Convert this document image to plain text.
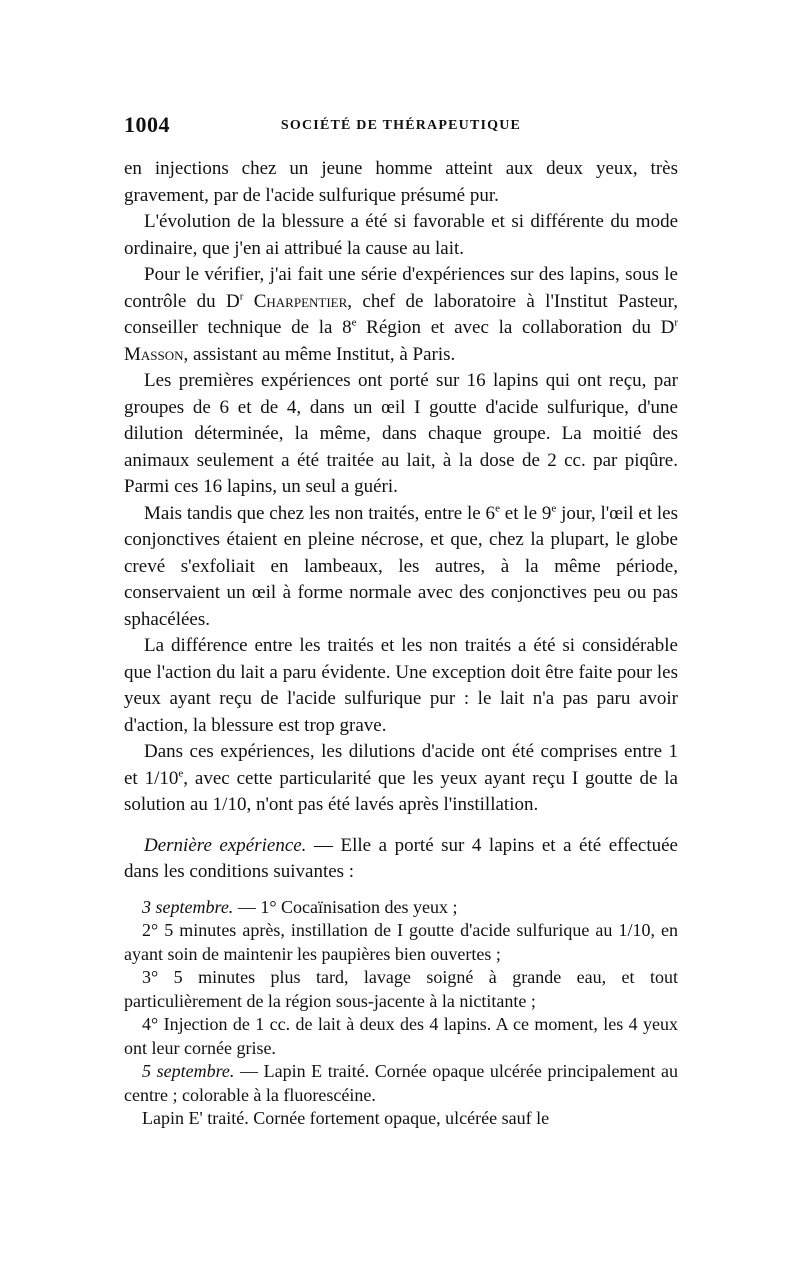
1004	SOCIÉTÉ DE THÉRAPEUTIQUE

en injections chez un jeune homme atteint aux deux yeux, très gravement, par de l'acide sulfurique présumé pur.

L'évolution de la blessure a été si favorable et si différente du mode ordinaire, que j'en ai attribué la cause au lait.

Pour le vérifier, j'ai fait une série d'expériences sur des lapins, sous le contrôle du $D^r$ Charpentier, chef de laboratoire à l'Institut Pasteur, conseiller technique de la 8e Région et avec la collaboration du $D^r$ Masson, assistant au même Institut, à Paris.

Les premières expériences ont porté sur 16 lapins qui ont reçu, par groupes de 6 et de 4, dans un œil I goutte d'acide sulfurique, d'une dilution déterminée, la même, dans chaque groupe. La moitié des animaux seulement a été traitée au lait, à la dose de 2 cc. par piqûre. Parmi ces 16 lapins, un seul a guéri.

Mais tandis que chez les non traités, entre le 6e et le 9e jour, l'œil et les conjonctives étaient en pleine nécrose, et que, chez la plupart, le globe crevé s'exfoliait en lambeaux, les autres, à la même période, conservaient un œil à forme normale avec des conjonctives peu ou pas sphacélées.

La différence entre les traités et les non traités a été si considérable que l'action du lait a paru évidente. Une exception doit être faite pour les yeux ayant reçu de l'acide sulfurique pur : le lait n'a pas paru avoir d'action, la blessure est trop grave.

Dans ces expériences, les dilutions d'acide ont été comprises entre 1 et 1/10e, avec cette particularité que les yeux ayant reçu I goutte de la solution au 1/10, n'ont pas été lavés après l'instillation.

Dernière expérience. — Elle a porté sur 4 lapins et a été effectuée dans les conditions suivantes :

3 septembre. — 1° Cocaïnisation des yeux ;

2° 5 minutes après, instillation de I goutte d'acide sulfurique au 1/10, en ayant soin de maintenir les paupières bien ouvertes ;

3° 5 minutes plus tard, lavage soigné à grande eau, et tout particulièrement de la région sous-jacente à la nictitante ;

4° Injection de 1 cc. de lait à deux des 4 lapins. A ce moment, les 4 yeux ont leur cornée grise.

5 septembre. — Lapin E traité. Cornée opaque ulcérée principalement au centre ; colorable à la fluorescéine.

Lapin E' traité. Cornée fortement opaque, ulcérée sauf le
